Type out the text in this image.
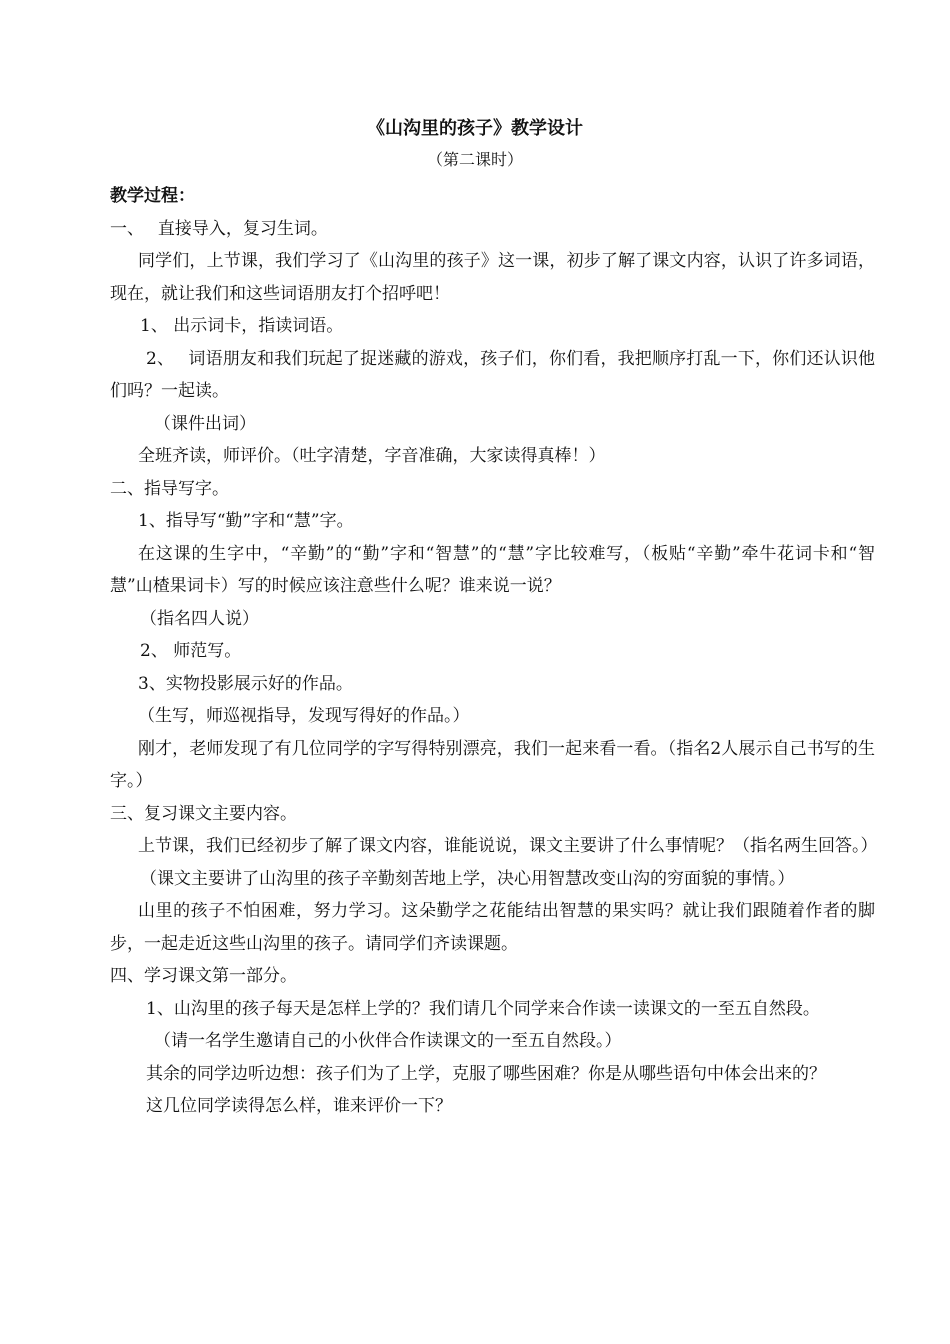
《山沟里的孩子》教学设计
（第二课时）

教学过程：

一、　 直接导入，复习生词。

同学们，上节课，我们学习了《山沟里的孩子》这一课，初步了解了课文内容，认识了许多词语，现在，就让我们和这些词语朋友打个招呼吧！

1、 出示词卡，指读词语。

2、　 词语朋友和我们玩起了捉迷藏的游戏，孩子们，你们看，我把顺序打乱一下，你们还认识他们吗？一起读。

（课件出词）

全班齐读，师评价。（吐字清楚，字音准确，大家读得真棒！）

二、指导写字。

1、指导写“勤”字和“慧”字。

在这课的生字中，“辛勤”的“勤”字和“智慧”的“慧”字比较难写，（板贴“辛勤”牵牛花词卡和“智慧”山楂果词卡）写的时候应该注意些什么呢？谁来说一说？

（指名四人说）

2、 师范写。

3、实物投影展示好的作品。

（生写，师巡视指导，发现写得好的作品。）

刚才，老师发现了有几位同学的字写得特别漂亮，我们一起来看一看。（指名2人展示自己书写的生字。）

三、复习课文主要内容。

上节课，我们已经初步了解了课文内容，谁能说说，课文主要讲了什么事情呢？（指名两生回答。）

（课文主要讲了山沟里的孩子辛勤刻苦地上学，决心用智慧改变山沟的穷面貌的事情。）

山里的孩子不怕困难，努力学习。这朵勤学之花能结出智慧的果实吗？就让我们跟随着作者的脚步，一起走近这些山沟里的孩子。请同学们齐读课题。

四、学习课文第一部分。

1、山沟里的孩子每天是怎样上学的？我们请几个同学来合作读一读课文的一至五自然段。

（请一名学生邀请自己的小伙伴合作读课文的一至五自然段。）

其余的同学边听边想：孩子们为了上学，克服了哪些困难？你是从哪些语句中体会出来的？

这几位同学读得怎么样，谁来评价一下？
